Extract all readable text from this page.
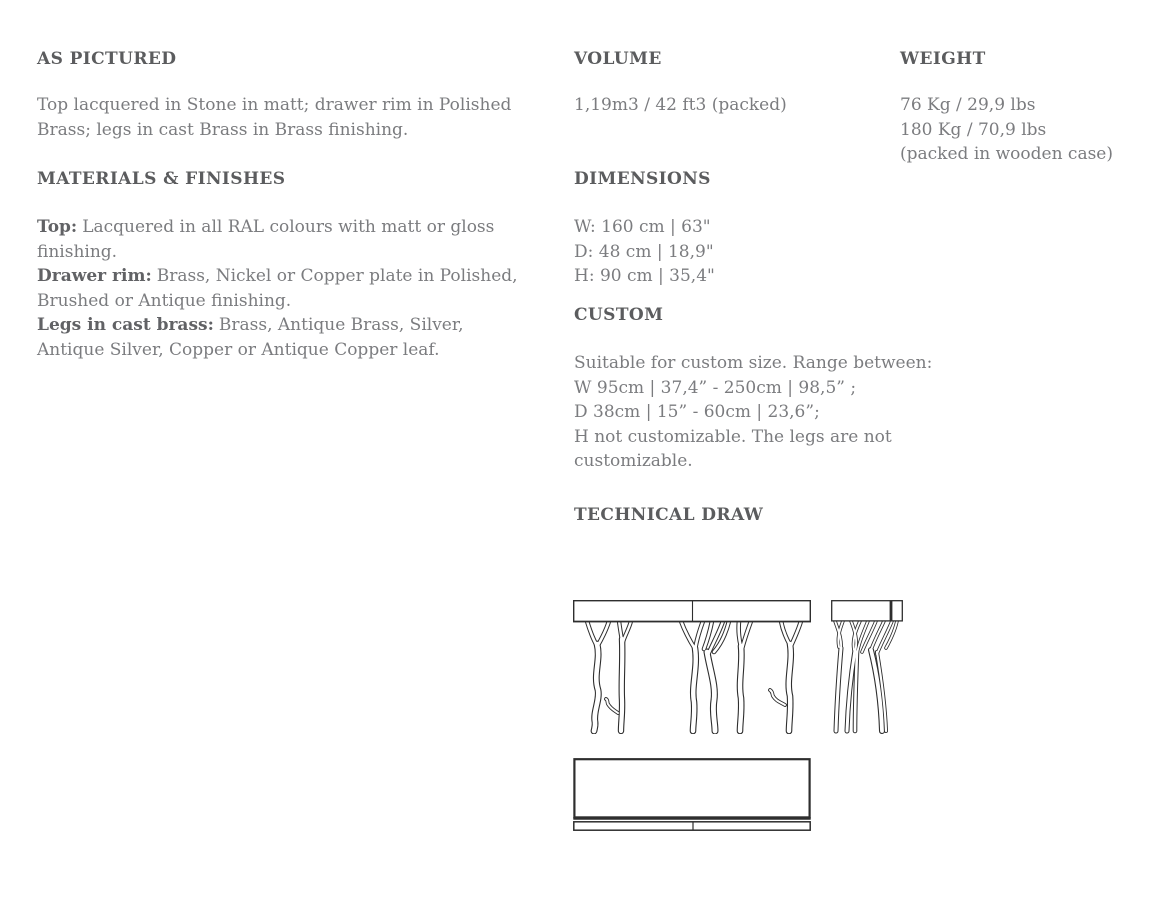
AS PICTURED
Top lacquered in Stone in matt; drawer rim in Polished Brass; legs in cast Brass in Brass finishing.
MATERIALS & FINISHES
Top: Lacquered in all RAL colours with matt or gloss finishing.
Drawer rim: Brass, Nickel or Copper plate in Polished, Brushed or Antique finishing.
Legs in cast brass: Brass, Antique Brass, Silver, Antique Silver, Copper or Antique Copper leaf.
VOLUME
1,19m3 / 42 ft3 (packed)
DIMENSIONS
W: 160 cm | 63"
D: 48 cm | 18,9"
H: 90 cm | 35,4"
CUSTOM
Suitable for custom size. Range between:
W 95cm | 37,4” - 250cm | 98,5” ;
D 38cm | 15” - 60cm | 23,6”;
H not customizable. The legs are not
customizable.
TECHNICAL DRAW
WEIGHT
76 Kg / 29,9 lbs
180 Kg / 70,9 lbs
(packed in wooden case)
